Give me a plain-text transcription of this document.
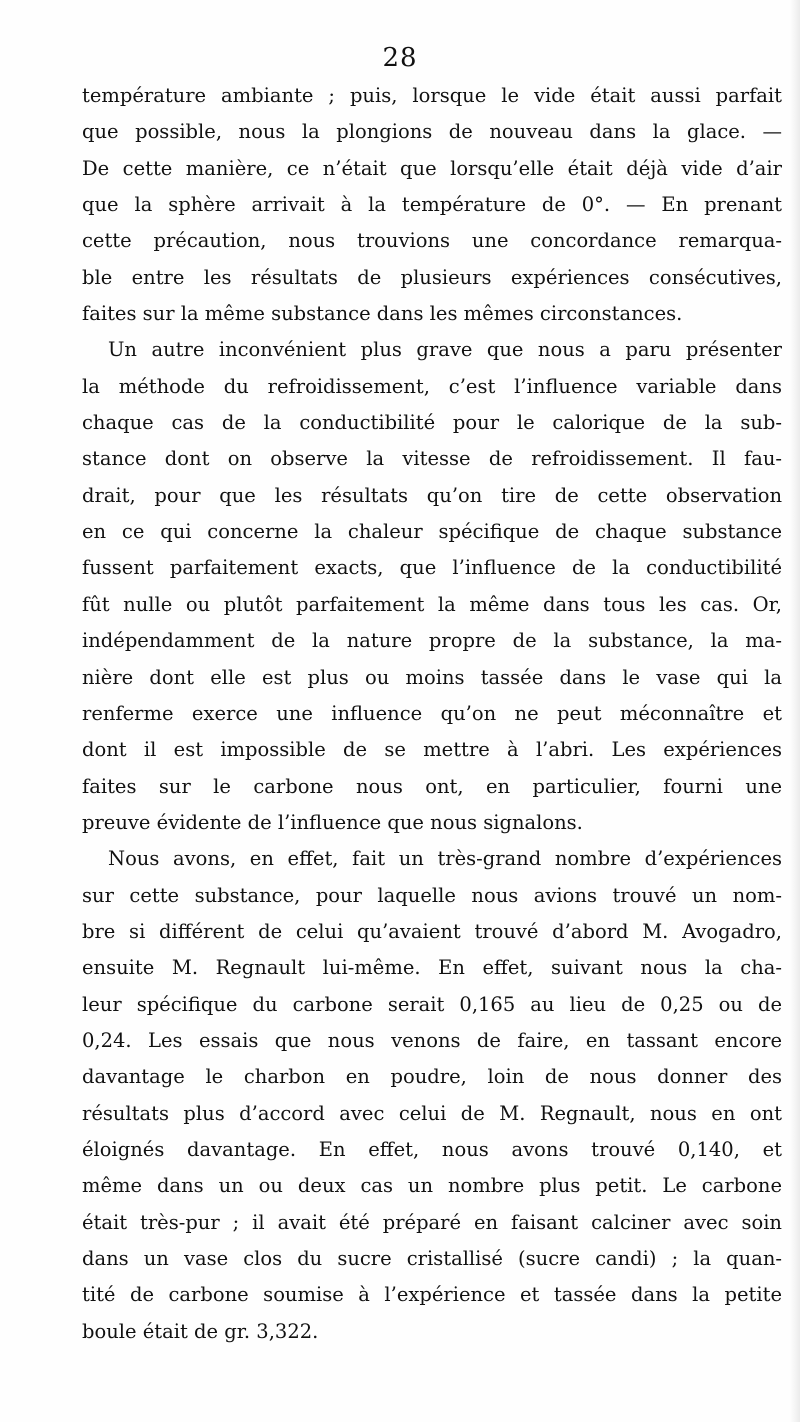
28
température ambiante ; puis, lorsque le vide était aussi parfait
que possible, nous la plongions de nouveau dans la glace. —
De cette manière, ce n’était que lorsqu’elle était déjà vide d’air
que la sphère arrivait à la température de 0°. — En prenant
cette précaution, nous trouvions une concordance remarqua-
ble entre les résultats de plusieurs expériences consécutives,
faites sur la même substance dans les mêmes circonstances.
Un autre inconvénient plus grave que nous a paru présenter
la méthode du refroidissement, c’est l’influence variable dans
chaque cas de la conductibilité pour le calorique de la sub-
stance dont on observe la vitesse de refroidissement. Il fau-
drait, pour que les résultats qu’on tire de cette observation
en ce qui concerne la chaleur spécifique de chaque substance
fussent parfaitement exacts, que l’influence de la conductibilité
fût nulle ou plutôt parfaitement la même dans tous les cas. Or,
indépendamment de la nature propre de la substance, la ma-
nière dont elle est plus ou moins tassée dans le vase qui la
renferme exerce une influence qu’on ne peut méconnaître et
dont il est impossible de se mettre à l’abri. Les expériences
faites sur le carbone nous ont, en particulier, fourni une
preuve évidente de l’influence que nous signalons.
Nous avons, en effet, fait un très-grand nombre d’expériences
sur cette substance, pour laquelle nous avions trouvé un nom-
bre si différent de celui qu’avaient trouvé d’abord M. Avogadro,
ensuite M. Regnault lui-même. En effet, suivant nous la cha-
leur spécifique du carbone serait 0,165 au lieu de 0,25 ou de
0,24. Les essais que nous venons de faire, en tassant encore
davantage le charbon en poudre, loin de nous donner des
résultats plus d’accord avec celui de M. Regnault, nous en ont
éloignés davantage. En effet, nous avons trouvé 0,140, et
même dans un ou deux cas un nombre plus petit. Le carbone
était très-pur ; il avait été préparé en faisant calciner avec soin
dans un vase clos du sucre cristallisé (sucre candi) ; la quan-
tité de carbone soumise à l’expérience et tassée dans la petite
boule était de gr. 3,322.
